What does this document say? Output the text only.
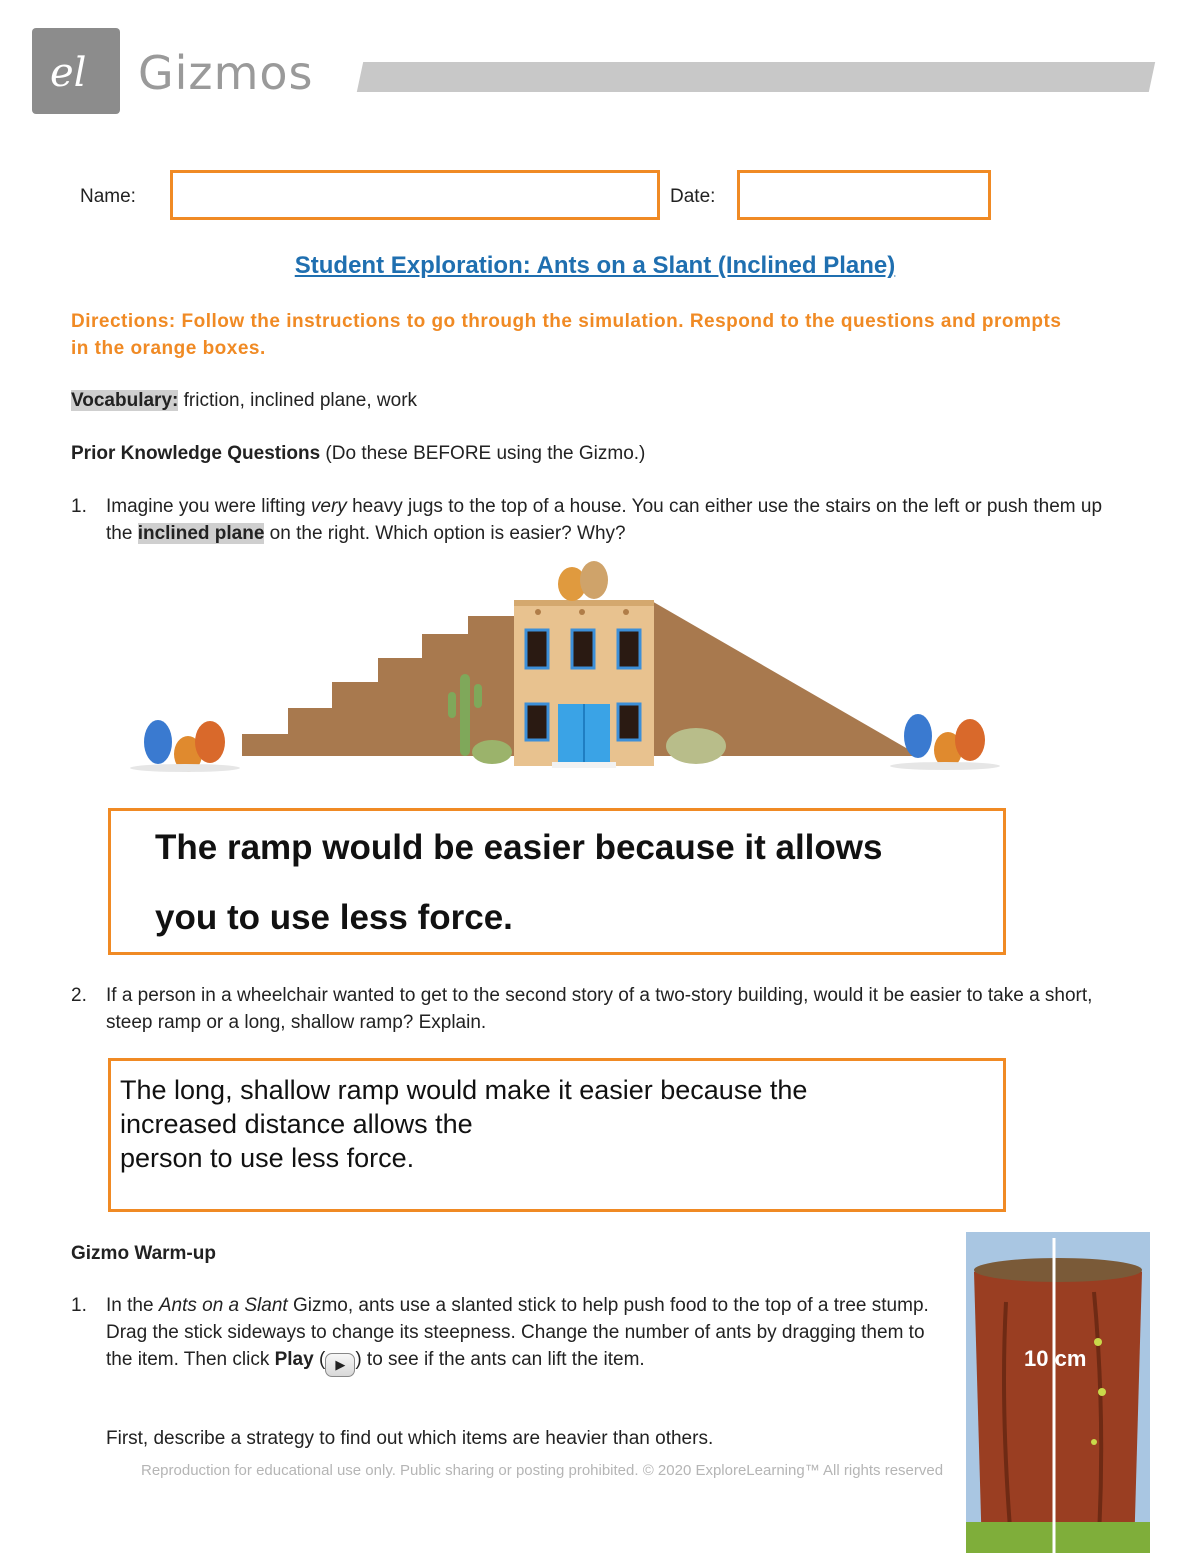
el Gizmos
Name:	Date:
Student Exploration: Ants on a Slant (Inclined Plane)
Directions: Follow the instructions to go through the simulation. Respond to the questions and prompts in the orange boxes.
Vocabulary: friction, inclined plane, work
Prior Knowledge Questions (Do these BEFORE using the Gizmo.)
1. Imagine you were lifting very heavy jugs to the top of a house. You can either use the stairs on the left or push them up the inclined plane on the right. Which option is easier? Why?
The ramp would be easier because it allows
you to use less force.
2. If a person in a wheelchair wanted to get to the second story of a two-story building, would it be easier to take a short, steep ramp or a long, shallow ramp? Explain.
The long, shallow ramp would make it easier because the
increased distance allows the
person to use less force.
Gizmo Warm-up
1. In the Ants on a Slant Gizmo, ants use a slanted stick to help push food to the top of a tree stump. Drag the stick sideways to change its steepness. Change the number of ants by dragging them to the item. Then click Play ( ▶ ) to see if the ants can lift the item.
First, describe a strategy to find out which items are heavier than others.
10 cm
Reproduction for educational use only. Public sharing or posting prohibited. © 2020 ExploreLearning™ All rights reserved
